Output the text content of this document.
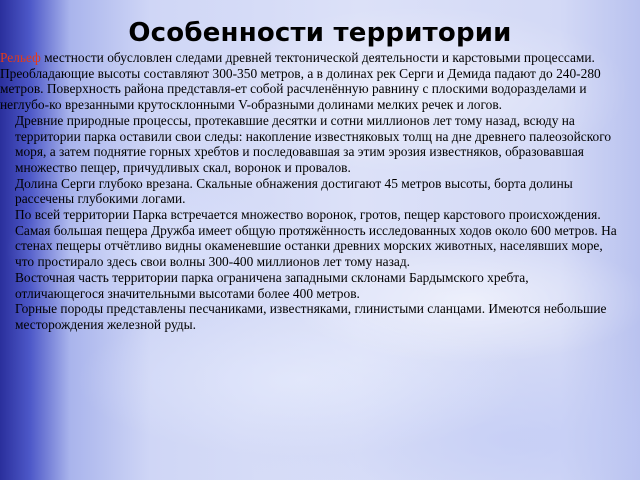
Особенности территории

Рельеф местности обусловлен следами древней тектонической деятельности и карстовыми процессами. Преобладающие высоты составляют 300-350 метров, а в долинах рек Серги и Демида падают до 240-280 метров. Поверхность района представля-ет собой расчленённую равнину с плоскими водоразделами и неглубо-ко врезанными крутосклонными V-образными долинами мелких речек и логов.

Древние природные процессы, протекавшие десятки и сотни миллионов лет тому назад, всюду на территории парка оставили свои следы: накопление известняковых толщ на дне древнего палеозойского моря, а затем поднятие горных хребтов и последовавшая за этим эрозия известняков, образовавшая множество пещер, причудливых скал, воронок и провалов.

Долина Серги глубоко врезана. Скальные обнажения достигают 45 метров высоты, борта долины рассечены глубокими логами.

По всей территории Парка встречается множество воронок, гротов, пещер карстового происхождения. Самая большая пещера Дружба имеет общую протяжённость исследованных ходов около 600 метров. На стенах пещеры отчётливо видны окаменевшие останки древних морских животных, населявших море, что простирало здесь свои волны 300-400 миллионов лет тому назад.

Восточная часть территории парка ограничена западными склонами Бардымского хребта, отличающегося значительными высотами более 400 метров.

Горные породы представлены песчаниками, известняками, глинистыми сланцами. Имеются небольшие месторождения железной руды.
